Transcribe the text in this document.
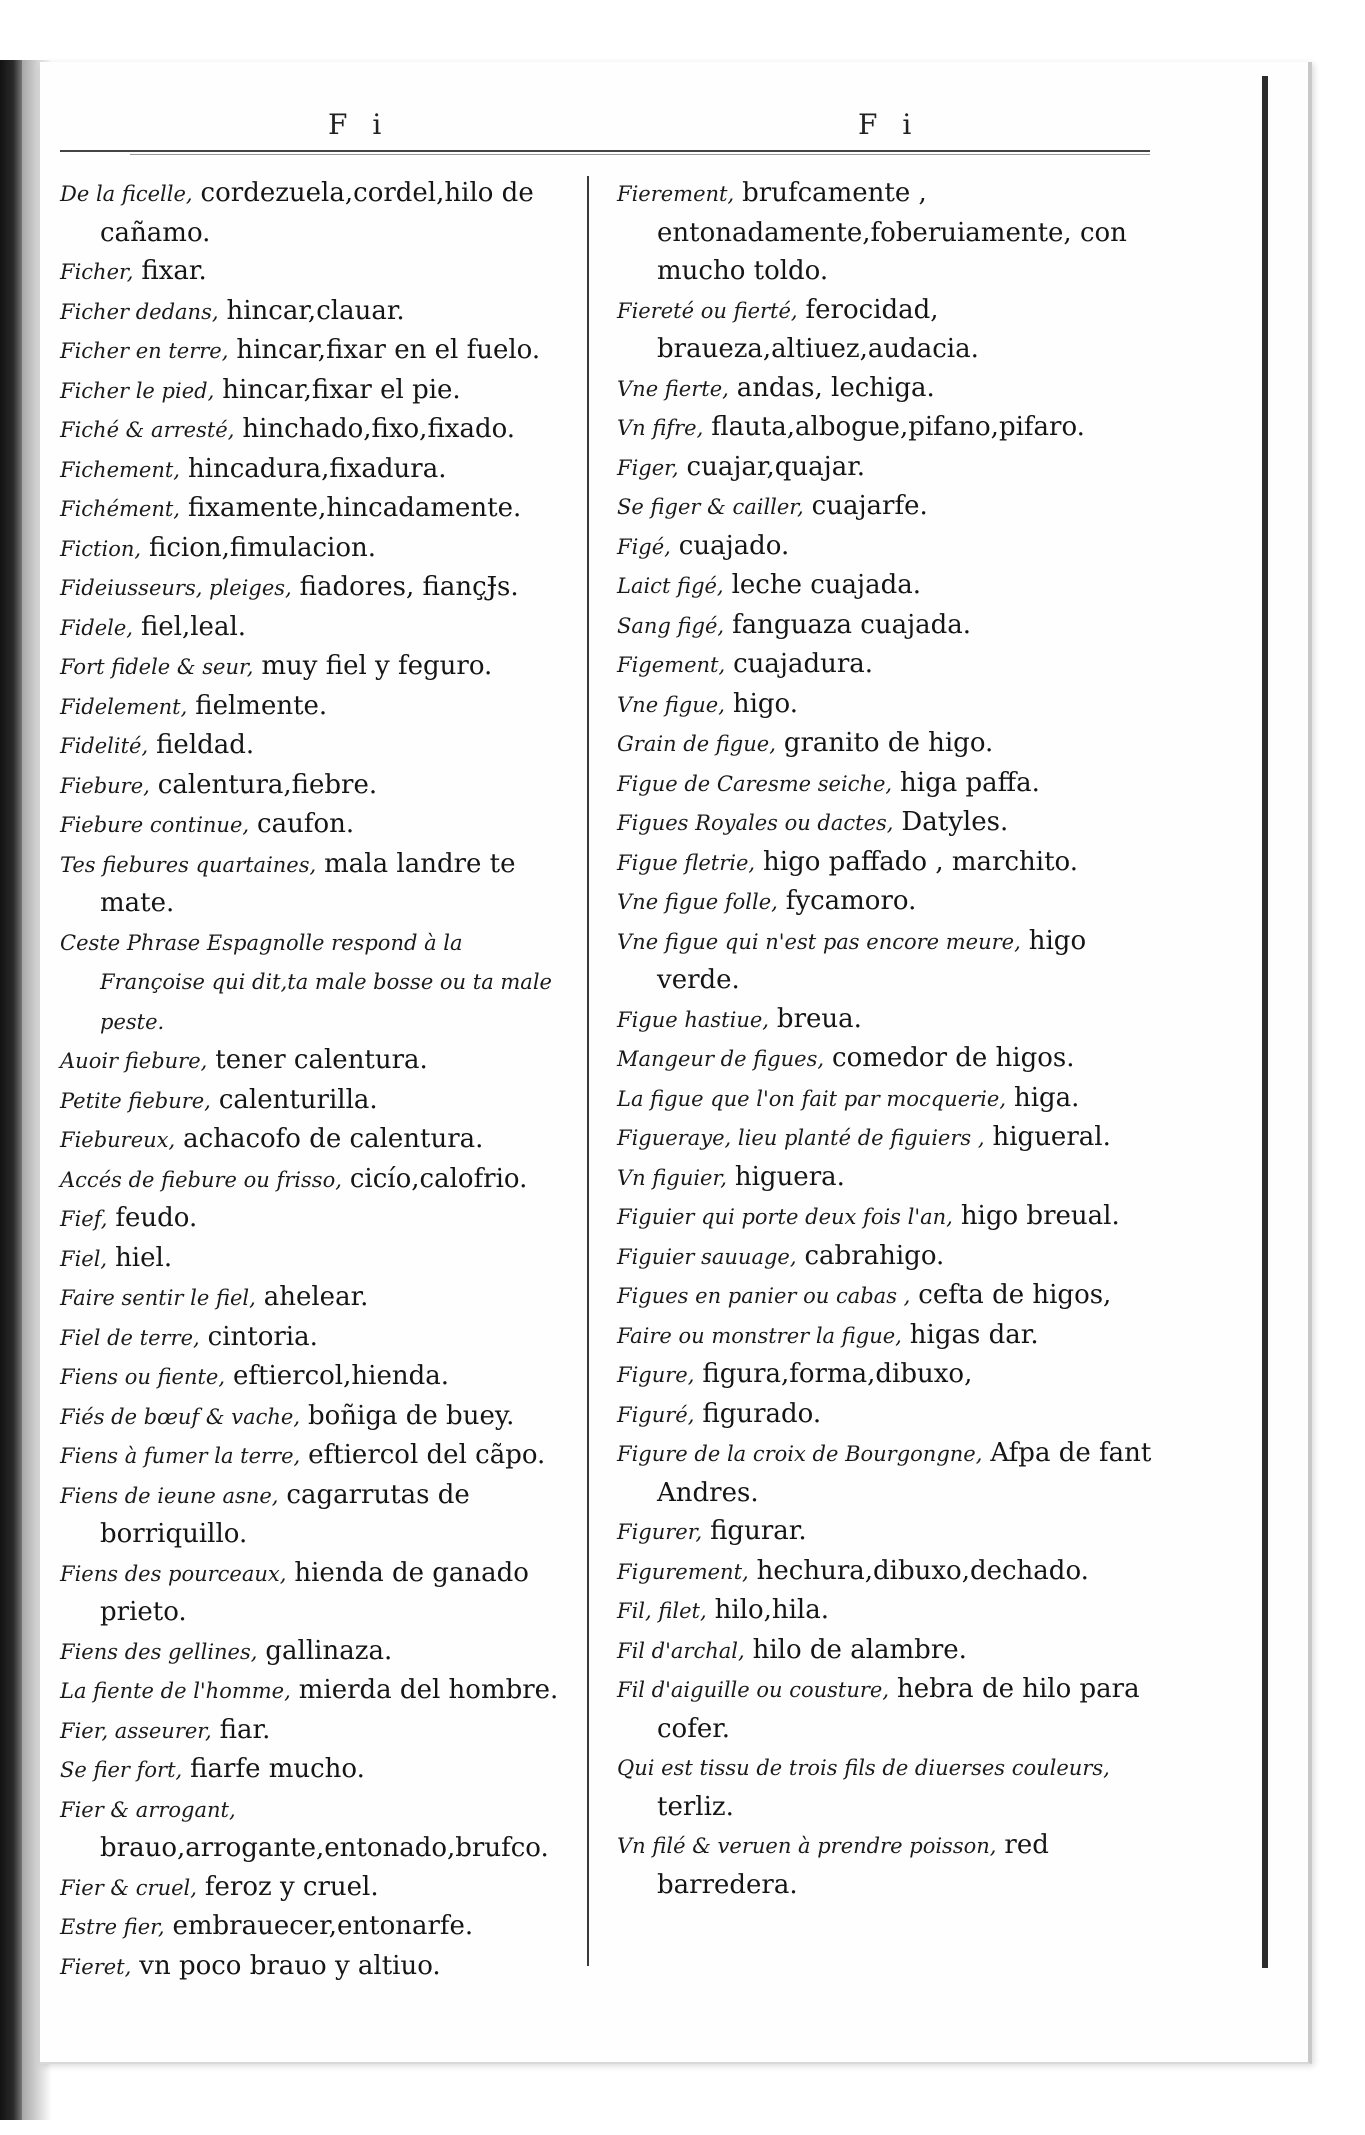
F i	F i
De la ficelle, cordezuela,cordel,hilo de cañamo.
Ficher, fixar.
Ficher dedans, hincar,clauar.
Ficher en terre, hincar,fixar en el fuelo.
Ficher le pied, hincar,fixar el pie.
Fiché & arresté, hinchado,fixo,fixado.
Fichement, hincadura,fixadura.
Fichément, fixamente,hincadamente.
Fiction, ficion,fimulacion.
Fideiusseurs, pleiges, fiadores, fiançɈs.
Fidele, fiel,leal.
Fort fidele & seur, muy fiel y feguro.
Fidelement, fielmente.
Fidelité, fieldad.
Fiebure, calentura,fiebre.
Fiebure continue, caufon.
Tes fiebures quartaines, mala landre te mate.
Ceste Phrase Espagnolle respond à la Françoise qui dit,ta male bosse ou ta male peste.
Auoir fiebure, tener calentura.
Petite fiebure, calenturilla.
Fiebureux, achacofo de calentura.
Accés de fiebure ou frisso, cicío,calofrio.
Fief, feudo.
Fiel, hiel.
Faire sentir le fiel, ahelear.
Fiel de terre, cintoria.
Fiens ou fiente, eftiercol,hienda.
Fiés de bœuf & vache, boñiga de buey.
Fiens à fumer la terre, eftiercol del cãpo.
Fiens de ieune asne, cagarrutas de borriquillo.
Fiens des pourceaux, hienda de ganado prieto.
Fiens des gellines, gallinaza.
La fiente de l'homme, mierda del hombre.
Fier, asseurer, fiar.
Se fier fort, fiarfe mucho.
Fier & arrogant, brauo,arrogante,entonado,brufco.
Fier & cruel, feroz y cruel.
Estre fier, embrauecer,entonarfe.
Fieret, vn poco brauo y altiuo.
Fierement, brufcamente , entonadamente,foberuiamente, con mucho toldo.
Fiereté ou fierté, ferocidad, braueza,altiuez,audacia.
Vne fierte, andas, lechiga.
Vn fifre, flauta,albogue,pifano,pifaro.
Figer, cuajar,quajar.
Se figer & cailler, cuajarfe.
Figé, cuajado.
Laict figé, leche cuajada.
Sang figé, fanguaza cuajada.
Figement, cuajadura.
Vne figue, higo.
Grain de figue, granito de higo.
Figue de Caresme seiche, higa paffa.
Figues Royales ou dactes, Datyles.
Figue fletrie, higo paffado , marchito.
Vne figue folle, fycamoro.
Vne figue qui n'est pas encore meure, higo verde.
Figue hastiue, breua.
Mangeur de figues, comedor de higos.
La figue que l'on fait par mocquerie, higa.
Figueraye, lieu planté de figuiers , higueral.
Vn figuier, higuera.
Figuier qui porte deux fois l'an, higo breual.
Figuier sauuage, cabrahigo.
Figues en panier ou cabas , cefta de higos,
Faire ou monstrer la figue, higas dar.
Figure, figura,forma,dibuxo,
Figuré, figurado.
Figure de la croix de Bourgongne, Afpa de fant Andres.
Figurer, figurar.
Figurement, hechura,dibuxo,dechado.
Fil, filet, hilo,hila.
Fil d'archal, hilo de alambre.
Fil d'aiguille ou cousture, hebra de hilo para cofer.
Qui est tissu de trois fils de diuerses couleurs, terliz.
Vn filé & veruen à prendre poisson, red barredera.
